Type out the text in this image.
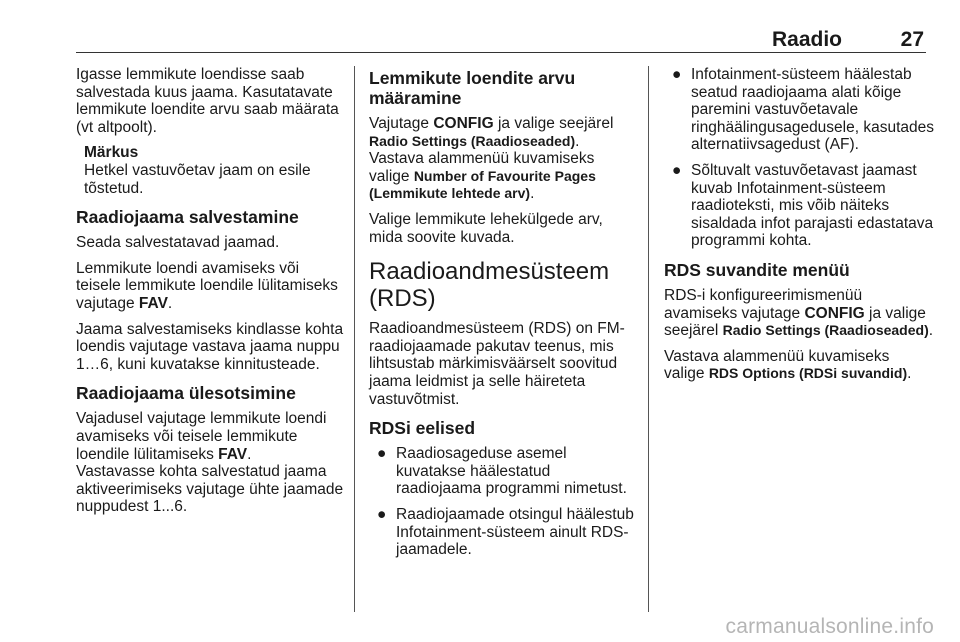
Raadio	27

Igasse lemmikute loendisse saab salvestada kuus jaama. Kasutatavate lemmikute loendite arvu saab määrata (vt altpoolt).

Märkus
Hetkel vastuvõetav jaam on esile tõstetud.
Raadiojaama salvestamine

Seada salvestatavad jaamad.

Lemmikute loendi avamiseks või teisele lemmikute loendile lülitamiseks vajutage FAV.

Jaama salvestamiseks kindlasse kohta loendis vajutage vastava jaama nuppu 1…6, kuni kuvatakse kinnitusteade.

Raadiojaama ülesotsimine

Vajadusel vajutage lemmikute loendi avamiseks või teisele lemmikute loendile lülitamiseks FAV.

Vastavasse kohta salvestatud jaama aktiveerimiseks vajutage ühte jaamade nuppudest 1...6.

Lemmikute loendite arvu määramine

Vajutage CONFIG ja valige seejärel Radio Settings (Raadioseaded). Vastava alammenüü kuvamiseks valige Number of Favourite Pages (Lemmikute lehtede arv).

Valige lemmikute lehekülgede arv, mida soovite kuvada.

Raadioandmesüsteem (RDS)

Raadioandmesüsteem (RDS) on FM-raadiojaamade pakutav teenus, mis lihtsustab märkimisväärselt soovitud jaama leidmist ja selle häireteta vastuvõtmist.

RDSi eelised
● Raadiosageduse asemel kuvatakse häälestatud raadiojaama programmi nimetust.
● Raadiojaamade otsingul häälestub Infotainment-süsteem ainult RDS-jaamadele.
● Infotainment-süsteem häälestab seatud raadiojaama alati kõige paremini vastuvõetavale ringhäälingusagedusele, kasutades alternatiivsagedust (AF).
● Sõltuvalt vastuvõetavast jaamast kuvab Infotainment-süsteem raadioteksti, mis võib näiteks sisaldada infot parajasti edastatava programmi kohta.
RDS suvandite menüü

RDS-i konfigureerimismenüü avamiseks vajutage CONFIG ja valige seejärel Radio Settings (Raadioseaded).

Vastava alammenüü kuvamiseks valige RDS Options (RDSi suvandid).

carmanualsonline.info
